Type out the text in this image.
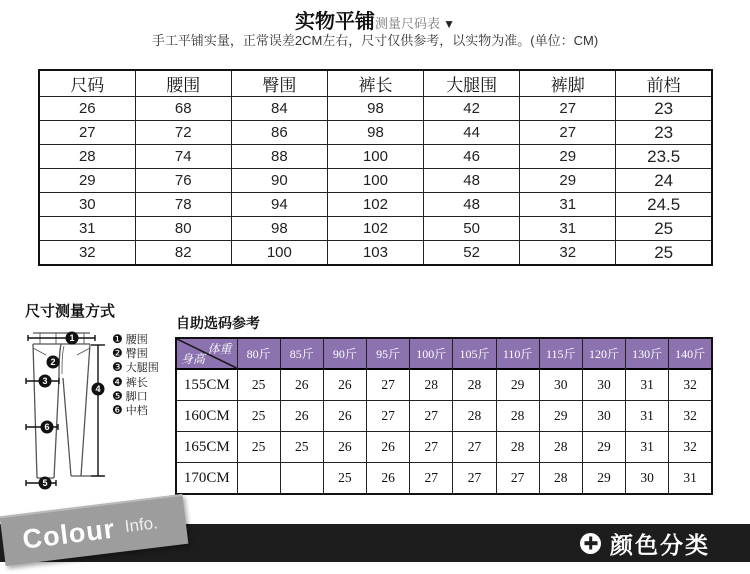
实物平铺测量尺码表 ▼
手工平铺实量，正常误差2CM左右，尺寸仅供参考，以实物为准。(单位：CM)
尺码	腰围	臀围	裤长	大腿围	裤脚	前档
26	68	84	98	42	27	23
27	72	86	98	44	27	23
28	74	88	100	46	29	23.5
29	76	90	100	48	29	24
30	78	94	102	48	31	24.5
31	80	98	102	50	31	25
32	82	100	103	52	32	25
尺寸测量方式
1
2
3
4
6
5
❶ 腰围
❷ 臀围
❸ 大腿围
❹ 裤长
❺ 脚口
❻ 中档
自助选码参考
体重
身高	80斤	85斤	90斤	95斤	100斤	105斤	110斤	115斤	120斤	130斤	140斤
155CM	25	26	26	27	28	28	29	30	30	31	32
160CM	25	26	26	27	27	28	28	29	30	31	32
165CM	25	25	26	26	27	27	28	28	29	31	32
170CM			25	26	27	27	27	28	29	30	31
颜色分类
Colour Info.
